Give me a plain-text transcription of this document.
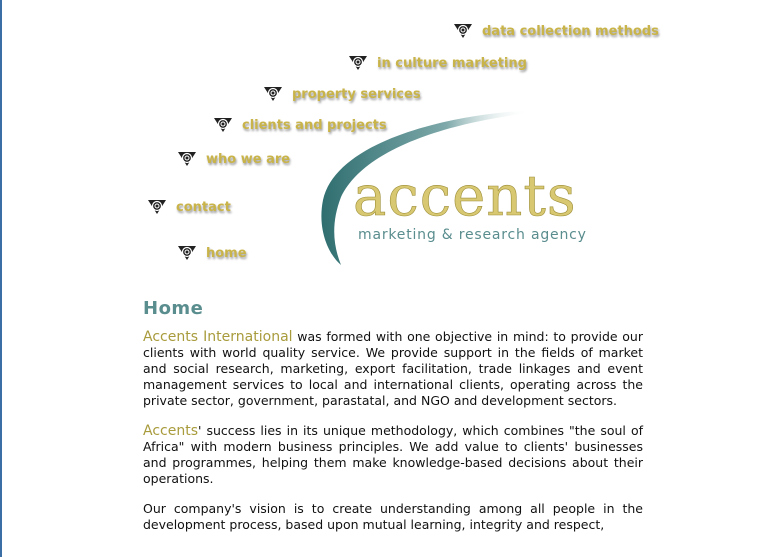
data collection methods
in culture marketing
property services
clients and projects
who we are
contact
home
accents
marketing & research agency
Home

Accents International was formed with one objective in mind: to provide our clients with world quality service. We provide support in the fields of market and social research, marketing, export facilitation, trade linkages and event management services to local and international clients, operating across the private sector, government, parastatal, and NGO and development sectors.

Accents' success lies in its unique methodology, which combines "the soul of Africa" with modern business principles. We add value to clients' businesses and programmes, helping them make knowledge-based decisions about their operations.

Our company's vision is to create understanding among all people in the development process, based upon mutual learning, integrity and respect,
